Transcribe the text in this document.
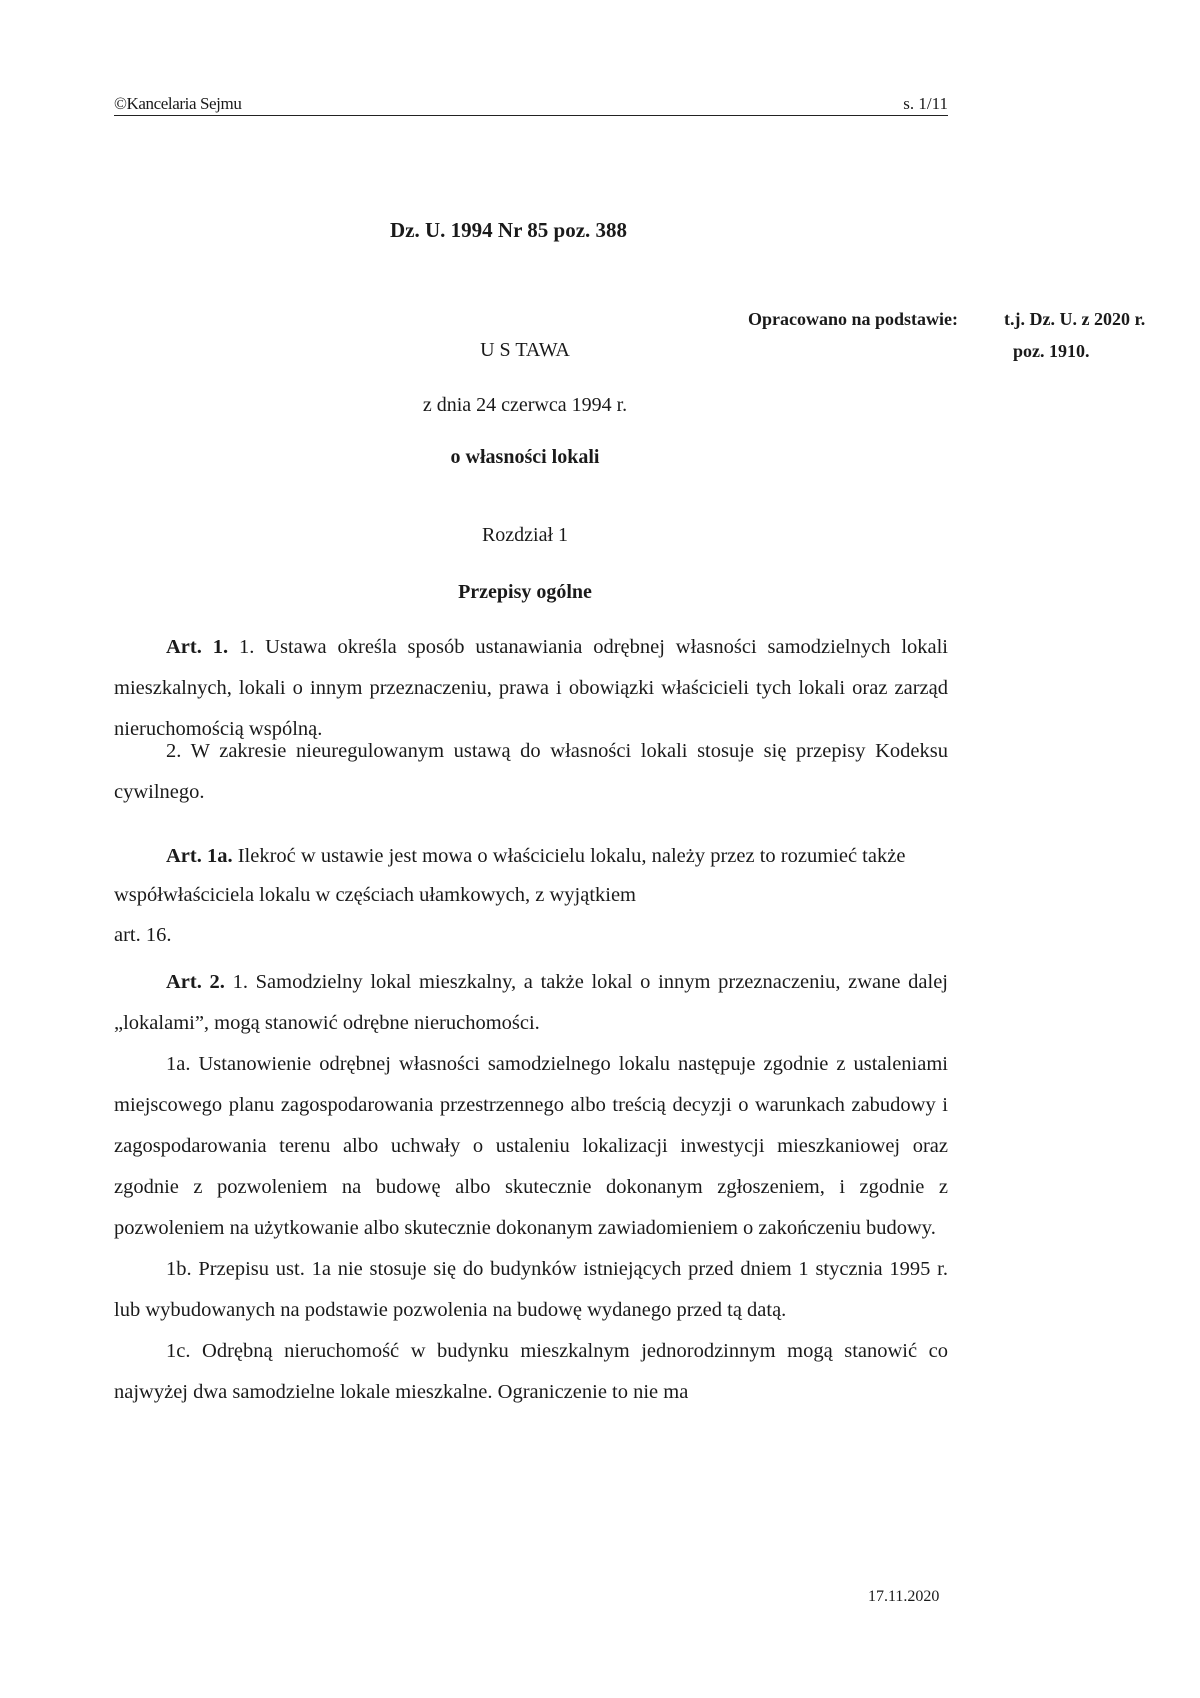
©Kancelaria Sejmu	s. 1/11
Dz. U. 1994 Nr 85 poz. 388
Opracowano na podstawie:	t.j. Dz. U. z 2020 r.
poz. 1910.
U S TAWA
z dnia 24 czerwca 1994 r.
o własności lokali
Rozdział 1
Przepisy ogólne

Art. 1. 1. Ustawa określa sposób ustanawiania odrębnej własności samodzielnych lokali mieszkalnych, lokali o innym przeznaczeniu, prawa i obowiązki właścicieli tych lokali oraz zarząd nieruchomością wspólną.

2. W zakresie nieuregulowanym ustawą do własności lokali stosuje się przepisy Kodeksu cywilnego.

Art. 1a. Ilekroć w ustawie jest mowa o właścicielu lokalu, należy przez to rozumieć także współwłaściciela lokalu w częściach ułamkowych, z wyjątkiem

art. 16.

Art. 2. 1. Samodzielny lokal mieszkalny, a także lokal o innym przeznaczeniu, zwane dalej „lokalami”, mogą stanowić odrębne nieruchomości.

1a. Ustanowienie odrębnej własności samodzielnego lokalu następuje zgodnie z ustaleniami miejscowego planu zagospodarowania przestrzennego albo treścią decyzji o warunkach zabudowy i zagospodarowania terenu albo uchwały o ustaleniu lokalizacji inwestycji mieszkaniowej oraz zgodnie z pozwoleniem na budowę albo skutecznie dokonanym zgłoszeniem, i zgodnie z pozwoleniem na użytkowanie albo skutecznie dokonanym zawiadomieniem o zakończeniu budowy.

1b. Przepisu ust. 1a nie stosuje się do budynków istniejących przed dniem 1 stycznia 1995 r. lub wybudowanych na podstawie pozwolenia na budowę wydanego przed tą datą.

1c. Odrębną nieruchomość w budynku mieszkalnym jednorodzinnym mogą stanowić co najwyżej dwa samodzielne lokale mieszkalne. Ograniczenie to nie ma

17.11.2020
